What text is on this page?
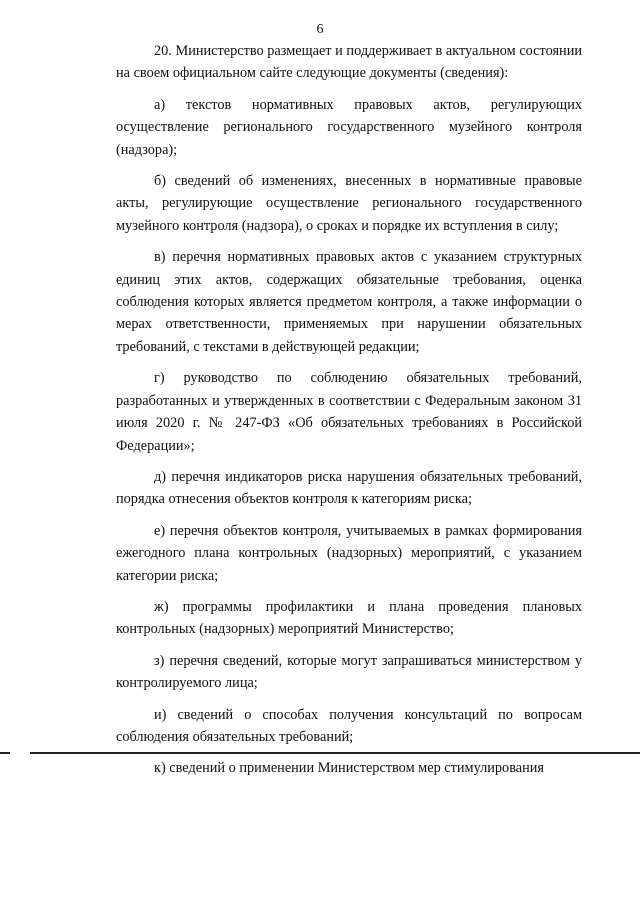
6

20. Министерство размещает и поддерживает в актуальном состоянии на своем официальном сайте следующие документы (сведения):

а) текстов нормативных правовых актов, регулирующих осуществление регионального государственного музейного контроля (надзора);

б) сведений об изменениях, внесенных в нормативные правовые акты, регулирующие осуществление регионального государственного музейного контроля (надзора), о сроках и порядке их вступления в силу;

в) перечня нормативных правовых актов с указанием структурных единиц этих актов, содержащих обязательные требования, оценка соблюдения которых является предметом контроля, а также информации о мерах ответственности, применяемых при нарушении обязательных требований, с текстами в действующей редакции;

г) руководство по соблюдению обязательных требований, разработанных и утвержденных в соответствии с Федеральным законом 31 июля 2020 г. № 247-ФЗ «Об обязательных требованиях в Российской Федерации»;

д) перечня индикаторов риска нарушения обязательных требований, порядка отнесения объектов контроля к категориям риска;

е) перечня объектов контроля, учитываемых в рамках формирования ежегодного плана контрольных (надзорных) мероприятий, с указанием категории риска;

ж) программы профилактики и плана проведения плановых контрольных (надзорных) мероприятий Министерство;

з) перечня сведений, которые могут запрашиваться министерством у контролируемого лица;

и) сведений о способах получения консультаций по вопросам соблюдения обязательных требований;

к) сведений о применении Министерством мер стимулирования
